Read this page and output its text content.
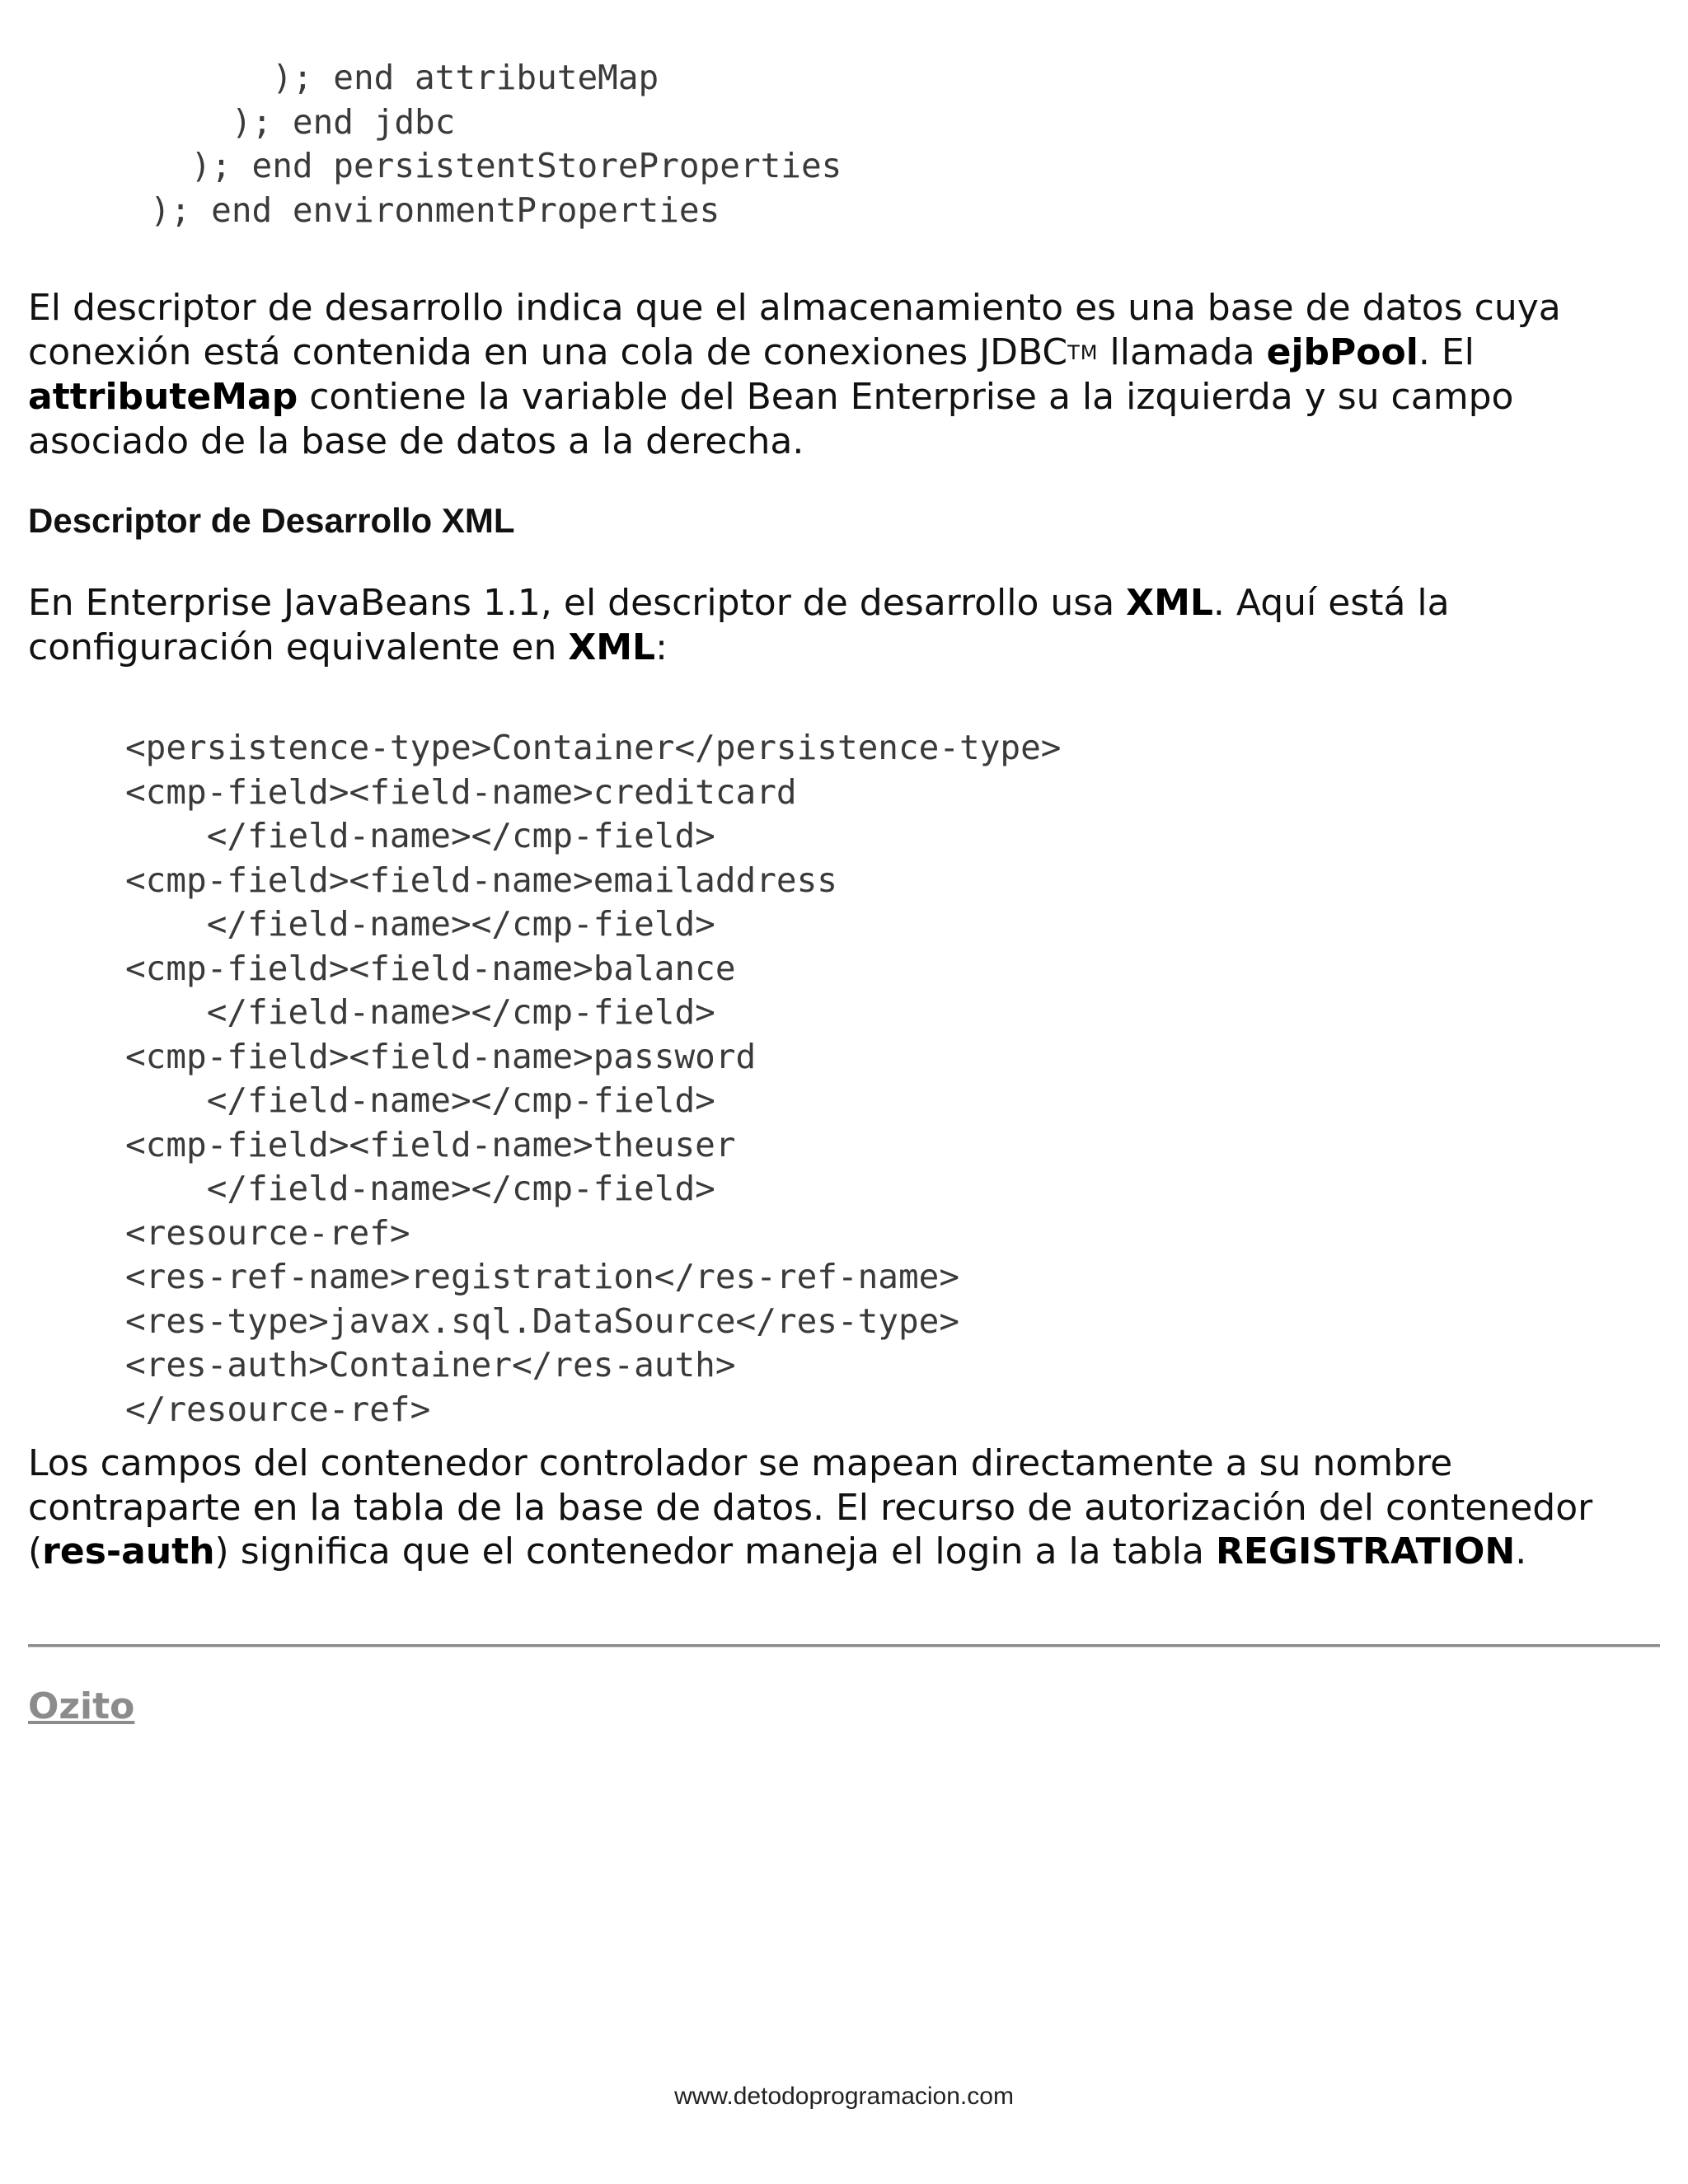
); end attributeMap
); end jdbc
); end persistentStoreProperties
); end environmentProperties

El descriptor de desarrollo indica que el almacenamiento es una base de datos cuya conexión está contenida en una cola de conexiones JDBCTM llamada ejbPool. El attributeMap contiene la variable del Bean Enterprise a la izquierda y su campo asociado de la base de datos a la derecha.

Descriptor de Desarrollo XML

En Enterprise JavaBeans 1.1, el descriptor de desarrollo usa XML. Aquí está la configuración equivalente en XML:

<persistence-type>Container</persistence-type>
<cmp-field><field-name>creditcard
</field-name></cmp-field>
<cmp-field><field-name>emailaddress
</field-name></cmp-field>
<cmp-field><field-name>balance
</field-name></cmp-field>
<cmp-field><field-name>password
</field-name></cmp-field>
<cmp-field><field-name>theuser
</field-name></cmp-field>
<resource-ref>
<res-ref-name>registration</res-ref-name>
<res-type>javax.sql.DataSource</res-type>
<res-auth>Container</res-auth>
</resource-ref>

Los campos del contenedor controlador se mapean directamente a su nombre contraparte en la tabla de la base de datos. El recurso de autorización del contenedor (res-auth) significa que el contenedor maneja el login a la tabla REGISTRATION.

Ozito
www.detodoprogramacion.com
